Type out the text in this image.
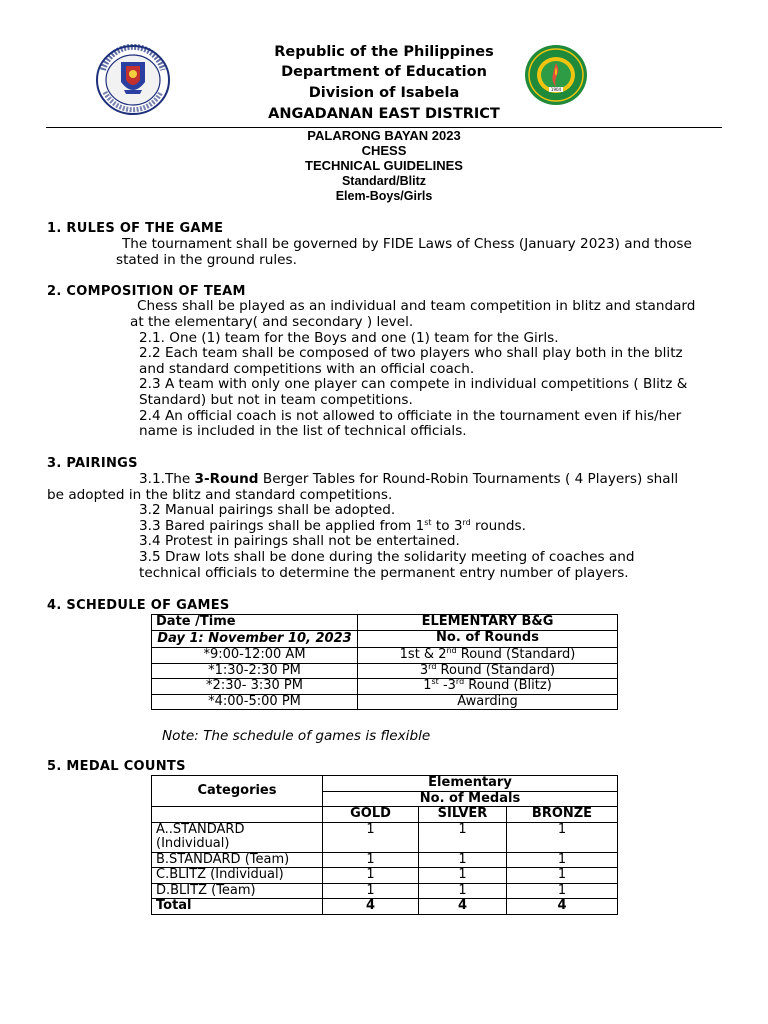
1904
Republic of the Philippines
Department of Education
Division of Isabela
ANGADANAN EAST DISTRICT
PALARONG BAYAN 2023
CHESS
TECHNICAL GUIDELINES
Standard/Blitz
Elem-Boys/Girls
1. RULES OF THE GAME
The tournament shall be governed by FIDE Laws of Chess (January 2023) and those
stated in the ground rules.
2. COMPOSITION OF TEAM
Chess shall be played as an individual and team competition in blitz and standard
at the elementary( and secondary ) level.
2.1. One (1) team for the Boys and one (1) team for the Girls.
2.2 Each team shall be composed of two players who shall play both in the blitz
and standard competitions with an official coach.
2.3 A team with only one player can compete in individual competitions ( Blitz &
Standard) but not in team competitions.
2.4 An official coach is not allowed to officiate in the tournament even if his/her
name is included in the list of technical officials.
3. PAIRINGS
3.1.The 3-Round Berger Tables for Round-Robin Tournaments ( 4 Players) shall
be adopted in the blitz and standard competitions.
3.2 Manual pairings shall be adopted.
3.3 Bared pairings shall be applied from 1st to 3rd rounds.
3.4 Protest in pairings shall not be entertained.
3.5 Draw lots shall be done during the solidarity meeting of coaches and
technical officials to determine the permanent entry number of players.
4. SCHEDULE OF GAMES
Date /Time	ELEMENTARY B&G
Day 1: November 10, 2023	No. of Rounds
*9:00-12:00 AM	1st & 2nd Round (Standard)
*1:30-2:30 PM	3rd Round (Standard)
*2:30- 3:30 PM	1st -3rd Round (Blitz)
*4:00-5:00 PM	Awarding
Note: The schedule of games is flexible
5. MEDAL COUNTS
Categories	Elementary		
	No. of Medals		
	GOLD	SILVER	BRONZE
A..STANDARD (Individual)	1	1	1
B.STANDARD (Team)	1	1	1
C.BLITZ (Individual)	1	1	1
D.BLITZ (Team)	1	1	1
Total	4	4	4
